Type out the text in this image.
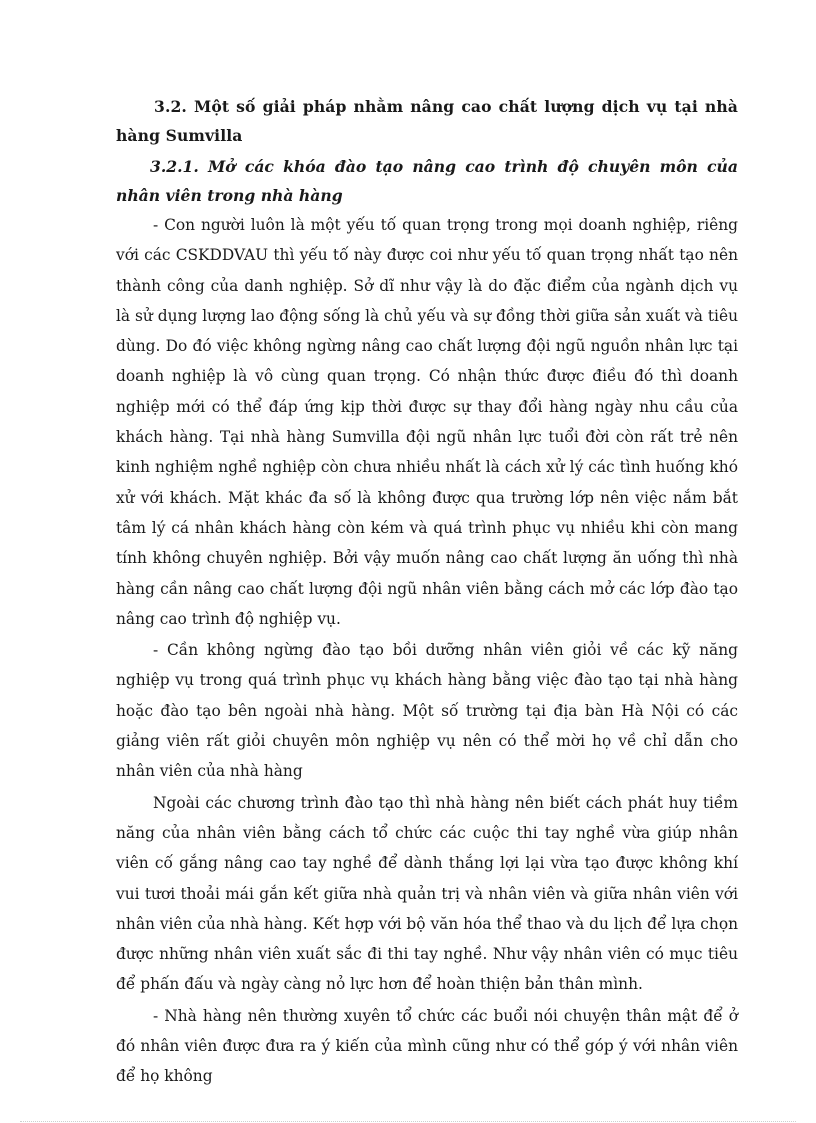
3.2. Một số giải pháp nhằm nâng cao chất lượng dịch vụ tại nhà hàng Sumvilla

3.2.1. Mở các khóa đào tạo nâng cao trình độ chuyên môn của nhân viên trong nhà hàng

- Con người luôn là một yếu tố quan trọng trong mọi doanh nghiệp, riêng với các CSKDDVAU thì yếu tố này được coi như yếu tố quan trọng nhất tạo nên thành công của danh nghiệp. Sở dĩ như vậy là do đặc điểm của ngành dịch vụ là sử dụng lượng lao động sống là chủ yếu và sự đồng thời giữa sản xuất và tiêu dùng. Do đó việc không ngừng nâng cao chất lượng đội ngũ nguồn nhân lực tại doanh nghiệp là vô cùng quan trọng. Có nhận thức được điều đó thì doanh nghiệp mới có thể đáp ứng kịp thời được sự thay đổi hàng ngày nhu cầu của khách hàng. Tại nhà hàng Sumvilla đội ngũ nhân lực tuổi đời còn rất trẻ nên kinh nghiệm nghề nghiệp còn chưa nhiều nhất là cách xử lý các tình huống khó xử với khách. Mặt khác đa số là không được qua trường lớp nên việc nắm bắt tâm lý cá nhân khách hàng còn kém và quá trình phục vụ nhiều khi còn mang tính không chuyên nghiệp. Bởi vậy muốn nâng cao chất lượng ăn uống thì nhà hàng cần nâng cao chất lượng đội ngũ nhân viên bằng cách mở các lớp đào tạo nâng cao trình độ nghiệp vụ.

- Cần không ngừng đào tạo bồi dưỡng nhân viên giỏi về các kỹ năng nghiệp vụ trong quá trình phục vụ khách hàng bằng việc đào tạo tại nhà hàng hoặc đào tạo bên ngoài nhà hàng. Một số trường tại địa bàn Hà Nội có các giảng viên rất giỏi chuyên môn nghiệp vụ nên có thể mời họ về chỉ dẫn cho nhân viên của nhà hàng

Ngoài các chương trình đào tạo thì nhà hàng nên biết cách phát huy tiềm năng của nhân viên bằng cách tổ chức các cuộc thi tay nghề vừa giúp nhân viên cố gắng nâng cao tay nghề để dành thắng lợi lại vừa tạo được không khí vui tươi thoải mái gắn kết giữa nhà quản trị và nhân viên và giữa nhân viên với nhân viên của nhà hàng. Kết hợp với bộ văn hóa thể thao và du lịch để lựa chọn được những nhân viên xuất sắc đi thi tay nghề. Như vậy nhân viên có mục tiêu để phấn đấu và ngày càng nỏ lực hơn để hoàn thiện bản thân mình.

- Nhà hàng nên thường xuyên tổ chức các buổi nói chuyện thân mật để ở đó nhân viên được đưa ra ý kiến của mình cũng như có thể góp ý với nhân viên để họ không
